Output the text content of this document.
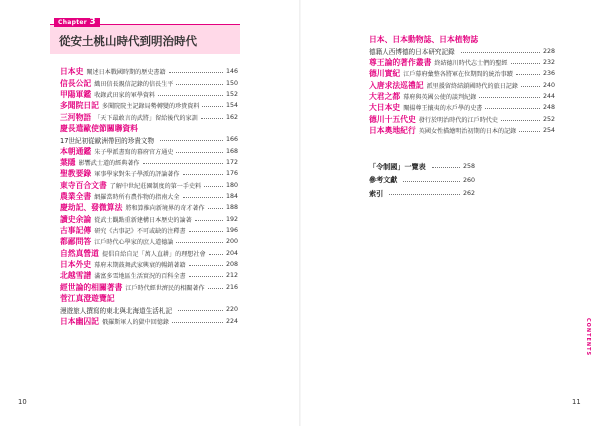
Chapter 3
從安土桃山時代到明治時代
日本史 闡述日本戰國時期的歷史書籍	146
信長公記 織田信長親信記錄的信長生平	150
甲陽軍鑑 收錄武田家的軍學資料	152
多聞院日記 多聞院院主記錄局勢轉變的珍貴資料	154
三河物語 「天下最敢言的武將」留給後代的家訓	162
慶長遣歐使節關聯資料
17世紀初從歐洲帶回的珍貴文物	166
本朝通鑑 朱子學派書寫的幕府官方通史	168
葉隱 影響武士道的經典著作	172
聖教要錄 軍事學家對朱子學派的評論著作	176
東寺百合文書 了解中世紀莊園制度的第一手史料	180
農業全書 網羅當時所有農作物的指南大全	184
慶劫記、發微算法 將和算推向新境界的奇才著作	188
讀史余論 從武士觀點重新建構日本歷史的論著	192
古事記傳 研究《古事記》不可或缺的注釋書	196
都鄙問答 江戶時代心學家的庶人道德論	200
自然真營道 提倡自給自足「萬人直耕」的理想社會	204
日本外史 幕府末期鼓舞武家興衰的暢銷著籍	208
北越雪譜 滿富多雪地區生活實況的百科全書	212
經世論的相關著書 江戶時代經世濟民的相關著作	216
菅江真澄遊覽記
漫遊旅人撰寫的東北與北海道生活札記	220
日本幽囚記 俄羅斯軍人的獄中回憶錄	224
10
日本、日本動物誌、日本植物誌
德籍人西博德的日本研究記錄	228
尊王論的著作叢書 終結德川時代志士們的聖經	232
德川實紀 江戶幕府彙整各將軍在位期間的統治事蹟	236
入唐求法巡禮記 派里援留終結鎖國時代的旅日記錄	240
大君之都 幕府與英國公使的談判紀錄	244
大日本史 闡揚尊王攘夷的水戶學的史書	248
德川十五代史 發行於明治時代的江戶時代史	252
日本奧地紀行 英國女性描繪明治初期的日本的記錄	254
「令制國」一覽表	258
參考文獻	260
索引	262
CONTENTS
11
